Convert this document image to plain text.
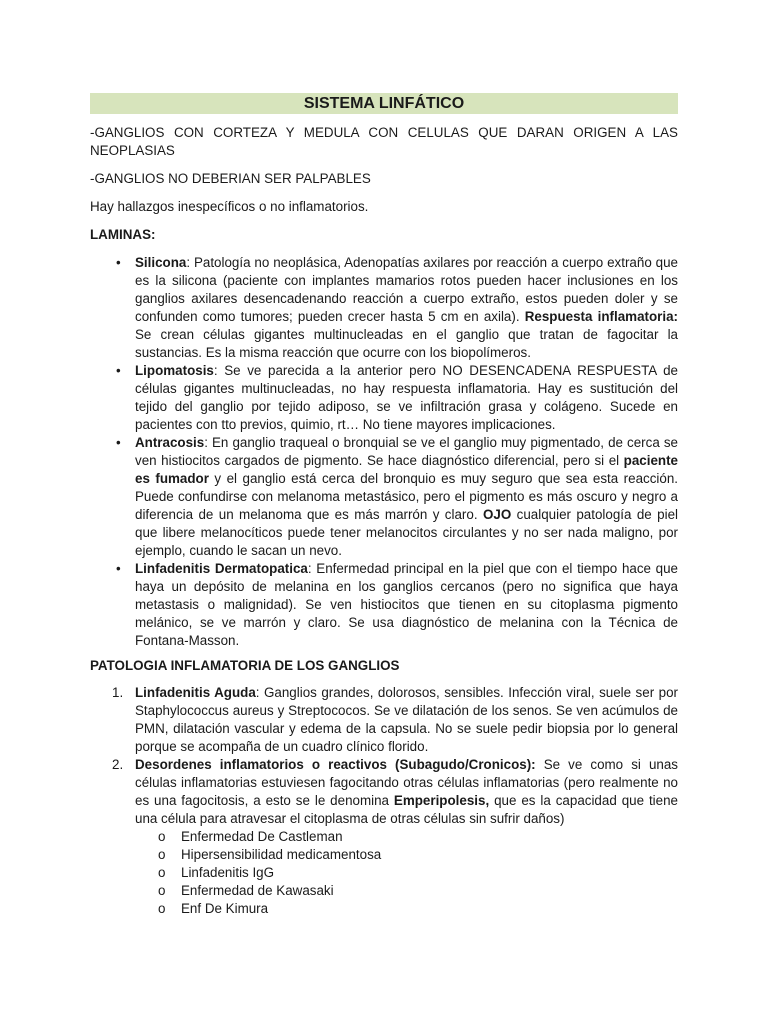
SISTEMA LINFÁTICO
-GANGLIOS CON CORTEZA Y MEDULA CON CELULAS QUE DARAN ORIGEN A LAS NEOPLASIAS
-GANGLIOS NO DEBERIAN SER PALPABLES
Hay hallazgos inespecíficos o no inflamatorios.
LAMINAS:
• Silicona: Patología no neoplásica, Adenopatías axilares por reacción a cuerpo extraño que es la silicona (paciente con implantes mamarios rotos pueden hacer inclusiones en los ganglios axilares desencadenando reacción a cuerpo extraño, estos pueden doler y se confunden como tumores; pueden crecer hasta 5 cm en axila). Respuesta inflamatoria: Se crean células gigantes multinucleadas en el ganglio que tratan de fagocitar la sustancias. Es la misma reacción que ocurre con los biopolímeros.
• Lipomatosis: Se ve parecida a la anterior pero NO DESENCADENA RESPUESTA de células gigantes multinucleadas, no hay respuesta inflamatoria. Hay es sustitución del tejido del ganglio por tejido adiposo, se ve infiltración grasa y colágeno. Sucede en pacientes con tto previos, quimio, rt… No tiene mayores implicaciones.
• Antracosis: En ganglio traqueal o bronquial se ve el ganglio muy pigmentado, de cerca se ven histiocitos cargados de pigmento. Se hace diagnóstico diferencial, pero si el paciente es fumador y el ganglio está cerca del bronquio es muy seguro que sea esta reacción. Puede confundirse con melanoma metastásico, pero el pigmento es más oscuro y negro a diferencia de un melanoma que es más marrón y claro. OJO cualquier patología de piel que libere melanocíticos puede tener melanocitos circulantes y no ser nada maligno, por ejemplo, cuando le sacan un nevo.
• Linfadenitis Dermatopatica: Enfermedad principal en la piel que con el tiempo hace que haya un depósito de melanina en los ganglios cercanos (pero no significa que haya metastasis o malignidad). Se ven histiocitos que tienen en su citoplasma pigmento melánico, se ve marrón y claro. Se usa diagnóstico de melanina con la Técnica de Fontana-Masson.
PATOLOGIA INFLAMATORIA DE LOS GANGLIOS
1. Linfadenitis Aguda: Ganglios grandes, dolorosos, sensibles. Infección viral, suele ser por Staphylococcus aureus y Streptococos. Se ve dilatación de los senos. Se ven acúmulos de PMN, dilatación vascular y edema de la capsula. No se suele pedir biopsia por lo general porque se acompaña de un cuadro clínico florido.
2. Desordenes inflamatorios o reactivos (Subagudo/Cronicos): Se ve como si unas células inflamatorias estuviesen fagocitando otras células inflamatorias (pero realmente no es una fagocitosis, a esto se le denomina Emperipolesis, que es la capacidad que tiene una célula para atravesar el citoplasma de otras células sin sufrir daños)
o Enfermedad De Castleman
o Hipersensibilidad medicamentosa
o Linfadenitis IgG
o Enfermedad de Kawasaki
o Enf De Kimura
